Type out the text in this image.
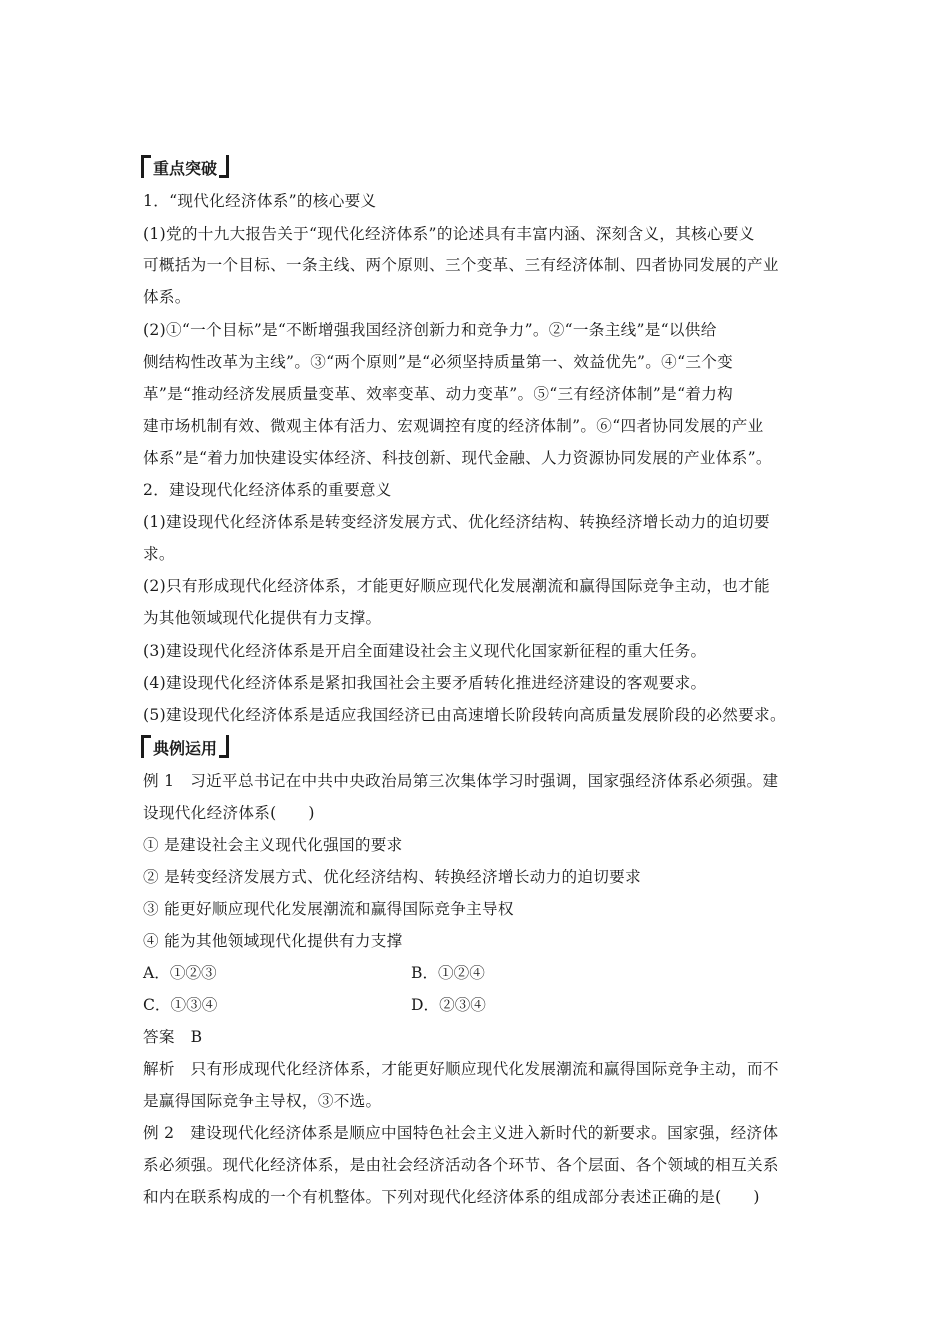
重点突破
1．“现代化经济体系”的核心要义
(1)党的十九大报告关于“现代化经济体系”的论述具有丰富内涵、深刻含义，其核心要义
可概括为一个目标、一条主线、两个原则、三个变革、三有经济体制、四者协同发展的产业
体系。
(2)①“一个目标”是“不断增强我国经济创新力和竞争力”。②“一条主线”是“以供给
侧结构性改革为主线”。③“两个原则”是“必须坚持质量第一、效益优先”。④“三个变
革”是“推动经济发展质量变革、效率变革、动力变革”。⑤“三有经济体制”是“着力构
建市场机制有效、微观主体有活力、宏观调控有度的经济体制”。⑥“四者协同发展的产业
体系”是“着力加快建设实体经济、科技创新、现代金融、人力资源协同发展的产业体系”。
2．建设现代化经济体系的重要意义
(1)建设现代化经济体系是转变经济发展方式、优化经济结构、转换经济增长动力的迫切要
求。
(2)只有形成现代化经济体系，才能更好顺应现代化发展潮流和赢得国际竞争主动，也才能
为其他领域现代化提供有力支撑。
(3)建设现代化经济体系是开启全面建设社会主义现代化国家新征程的重大任务。
(4)建设现代化经济体系是紧扣我国社会主要矛盾转化推进经济建设的客观要求。
(5)建设现代化经济体系是适应我国经济已由高速增长阶段转向高质量发展阶段的必然要求。
典例运用
例 1　习近平总书记在中共中央政治局第三次集体学习时强调，国家强经济体系必须强。建
设现代化经济体系(　　)
① 是建设社会主义现代化强国的要求
② 是转变经济发展方式、优化经济结构、转换经济增长动力的迫切要求
③ 能更好顺应现代化发展潮流和赢得国际竞争主导权
④ 能为其他领域现代化提供有力支撑
A．①②③	B．①②④
C．①③④	D．②③④
答案　B
解析　只有形成现代化经济体系，才能更好顺应现代化发展潮流和赢得国际竞争主动，而不
是赢得国际竞争主导权，③不选。
例 2　建设现代化经济体系是顺应中国特色社会主义进入新时代的新要求。国家强，经济体
系必须强。现代化经济体系，是由社会经济活动各个环节、各个层面、各个领域的相互关系
和内在联系构成的一个有机整体。下列对现代化经济体系的组成部分表述正确的是(　　)
